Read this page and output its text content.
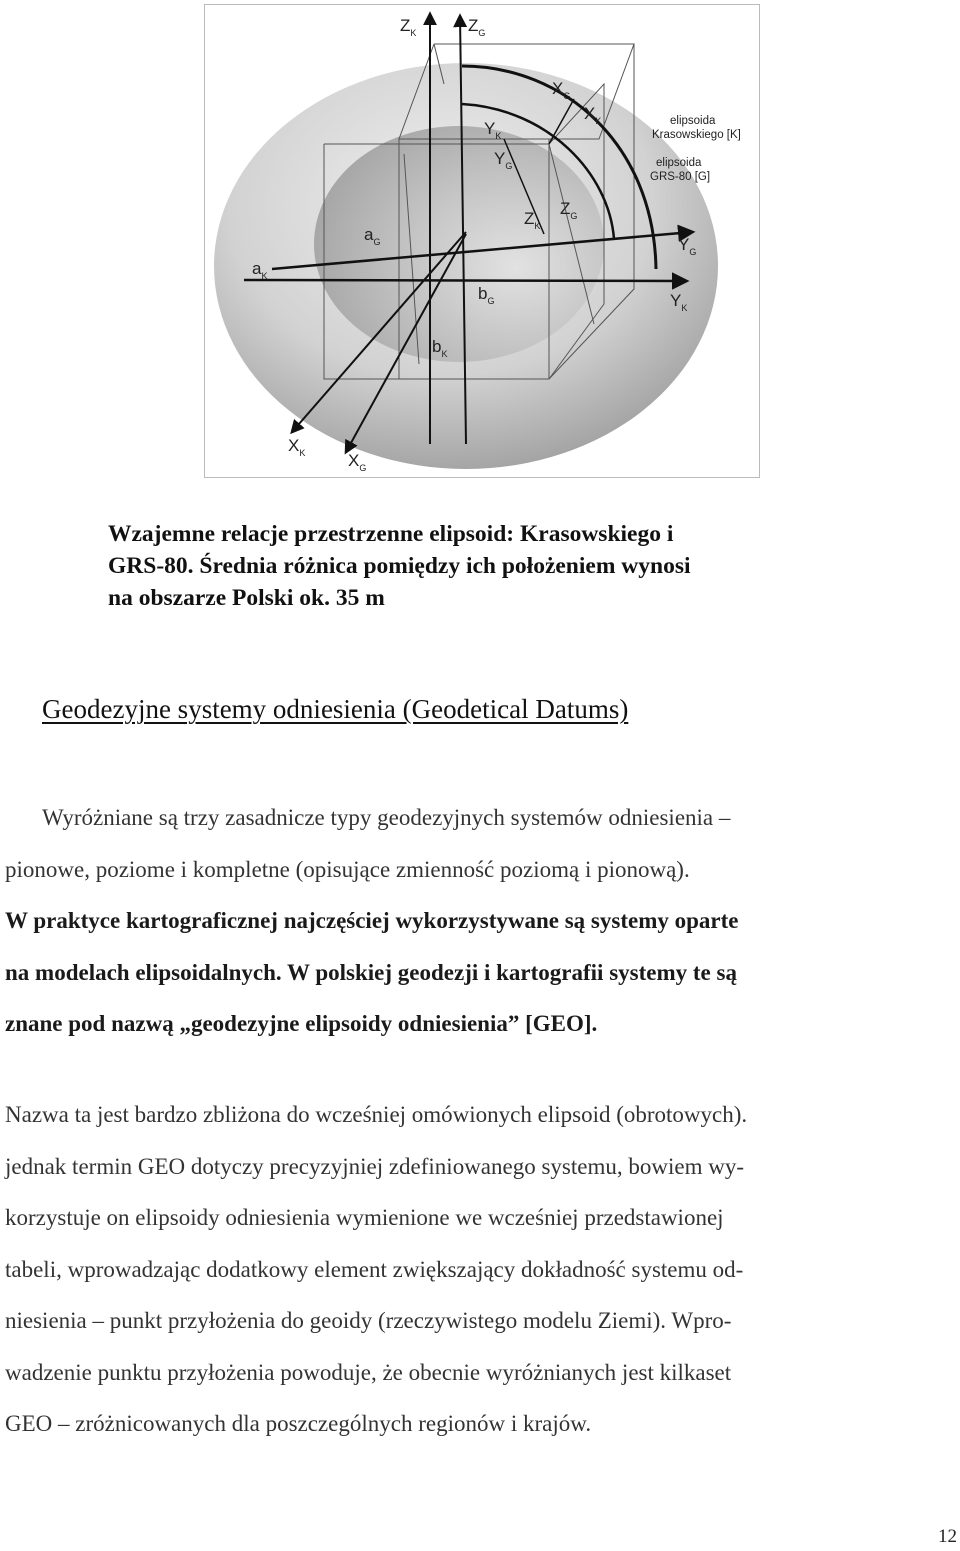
$Z_K$	$Z_G$
$X_G$
$X_K$
$Y_K$
$Y_G$
$Z_K$
$Z_G$
$a_G$
$a_K$
$b_G$
$b_K$
$Y_G$
$Y_K$
$X_K$	$X_G$
elipsoida
Krasowskiego [K]
elipsoida
GRS-80 [G]

Wzajemne relacje przestrzenne elipsoid: Krasowskiego i
GRS-80. Średnia różnica pomiędzy ich położeniem wynosi
na obszarze Polski ok. 35 m

Geodezyjne systemy odniesienia (Geodetical Datums)
Wyróżniane są trzy zasadnicze typy geodezyjnych systemów odniesienia –
pionowe, poziome i kompletne (opisujące zmienność poziomą i pionową).
W praktyce kartograficznej najczęściej wykorzystywane są systemy oparte
na modelach elipsoidalnych. W polskiej geodezji i kartografii systemy te są
znane pod nazwą „geodezyjne elipsoidy odniesienia” [GEO].
Nazwa ta jest bardzo zbliżona do wcześniej omówionych elipsoid (obrotowych).
jednak termin GEO dotyczy precyzyjniej zdefiniowanego systemu, bowiem wy-
korzystuje on elipsoidy odniesienia wymienione we wcześniej przedstawionej
tabeli, wprowadzając dodatkowy element zwiększający dokładność systemu od-
niesienia – punkt przyłożenia do geoidy (rzeczywistego modelu Ziemi). Wpro-
wadzenie punktu przyłożenia powoduje, że obecnie wyróżnianych jest kilkaset
GEO – zróżnicowanych dla poszczególnych regionów i krajów.
12
